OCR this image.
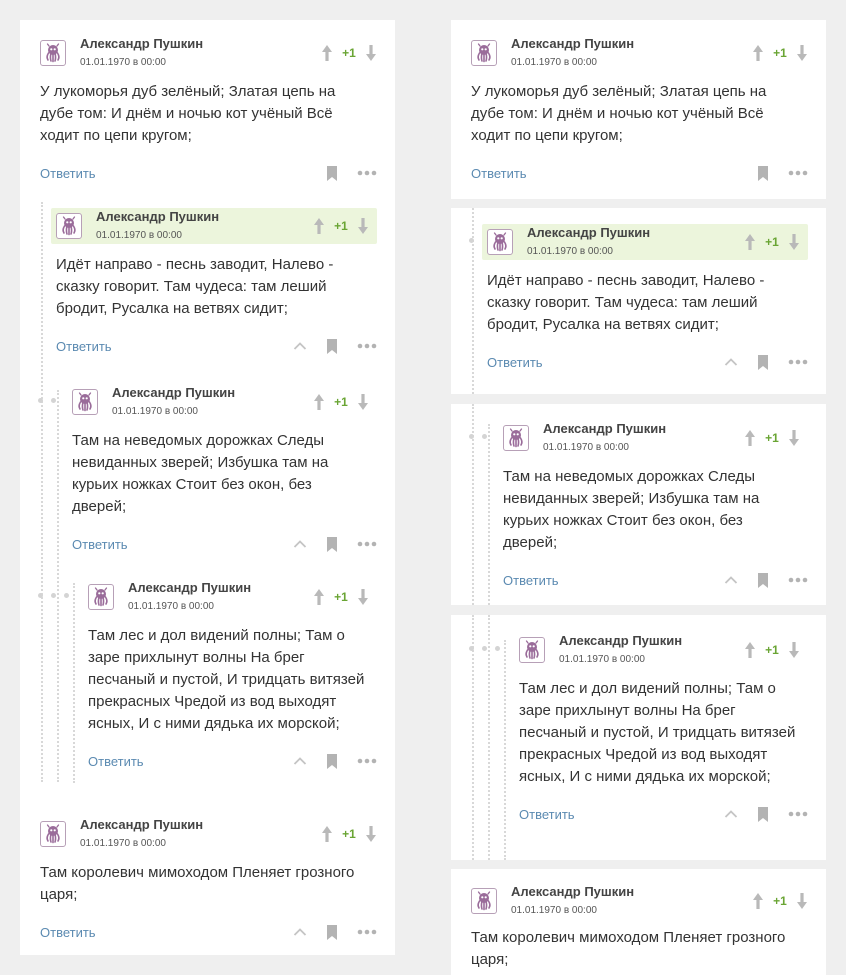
Александр Пушкин
01.01.1970 в 00:00
+1
У лукоморья дуб зелёный; Златая цепь на дубе том: И днём и ночью кот учёный Всё ходит по цепи кругом;
Ответить
Александр Пушкин
01.01.1970 в 00:00
+1
Идёт направо - песнь заводит, Налево - сказку говорит. Там чудеса: там леший бродит, Русалка на ветвях сидит;
Ответить
Александр Пушкин
01.01.1970 в 00:00
+1
Там на неведомых дорожках Следы невиданных зверей; Избушка там на курьих ножках Стоит без окон, без дверей;
Ответить
Александр Пушкин
01.01.1970 в 00:00
+1
Там лес и дол видений полны; Там о заре прихлынут волны На брег песчаный и пустой, И тридцать витязей прекрасных Чредой из вод выходят ясных, И с ними дядька их морской;
Ответить
Александр Пушкин
01.01.1970 в 00:00
+1
Там королевич мимоходом Пленяет грозного царя;
Ответить
Александр Пушкин
01.01.1970 в 00:00
+1
У лукоморья дуб зелёный; Златая цепь на дубе том: И днём и ночью кот учёный Всё ходит по цепи кругом;
Ответить
Александр Пушкин
01.01.1970 в 00:00
+1
Идёт направо - песнь заводит, Налево - сказку говорит. Там чудеса: там леший бродит, Русалка на ветвях сидит;
Ответить
Александр Пушкин
01.01.1970 в 00:00
+1
Там на неведомых дорожках Следы невиданных зверей; Избушка там на курьих ножках Стоит без окон, без дверей;
Ответить
Александр Пушкин
01.01.1970 в 00:00
+1
Там лес и дол видений полны; Там о заре прихлынут волны На брег песчаный и пустой, И тридцать витязей прекрасных Чредой из вод выходят ясных, И с ними дядька их морской;
Ответить
Александр Пушкин
01.01.1970 в 00:00
+1
Там королевич мимоходом Пленяет грозного царя;
